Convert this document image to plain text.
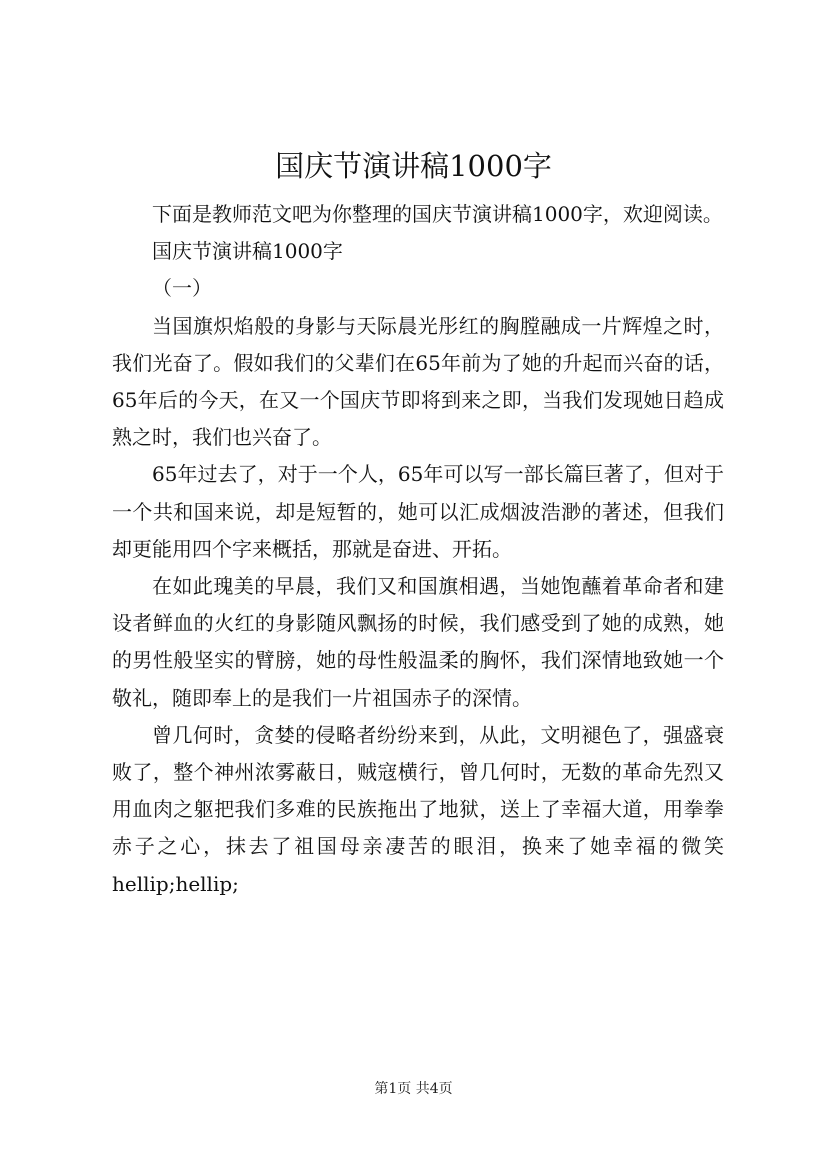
国庆节演讲稿1000字

下面是教师范文吧为你整理的国庆节演讲稿1000字，欢迎阅读。

国庆节演讲稿1000字

（一）

当国旗炽焰般的身影与天际晨光彤红的胸膛融成一片辉煌之时，我们光奋了。假如我们的父辈们在65年前为了她的升起而兴奋的话，65年后的今天，在又一个国庆节即将到来之即，当我们发现她日趋成熟之时，我们也兴奋了。

65年过去了，对于一个人，65年可以写一部长篇巨著了，但对于一个共和国来说，却是短暂的，她可以汇成烟波浩渺的著述，但我们却更能用四个字来概括，那就是奋进、开拓。

在如此瑰美的早晨，我们又和国旗相遇，当她饱蘸着革命者和建设者鲜血的火红的身影随风飘扬的时候，我们感受到了她的成熟，她的男性般坚实的臂膀，她的母性般温柔的胸怀，我们深情地致她一个敬礼，随即奉上的是我们一片祖国赤子的深情。

曾几何时，贪婪的侵略者纷纷来到，从此，文明褪色了，强盛衰败了，整个神州浓雾蔽日，贼寇横行，曾几何时，无数的革命先烈又用血肉之躯把我们多难的民族拖出了地狱，送上了幸福大道，用拳拳赤子之心，抹去了祖国母亲凄苦的眼泪，换来了她幸福的微笑 hellip;hellip;

第1页 共4页
